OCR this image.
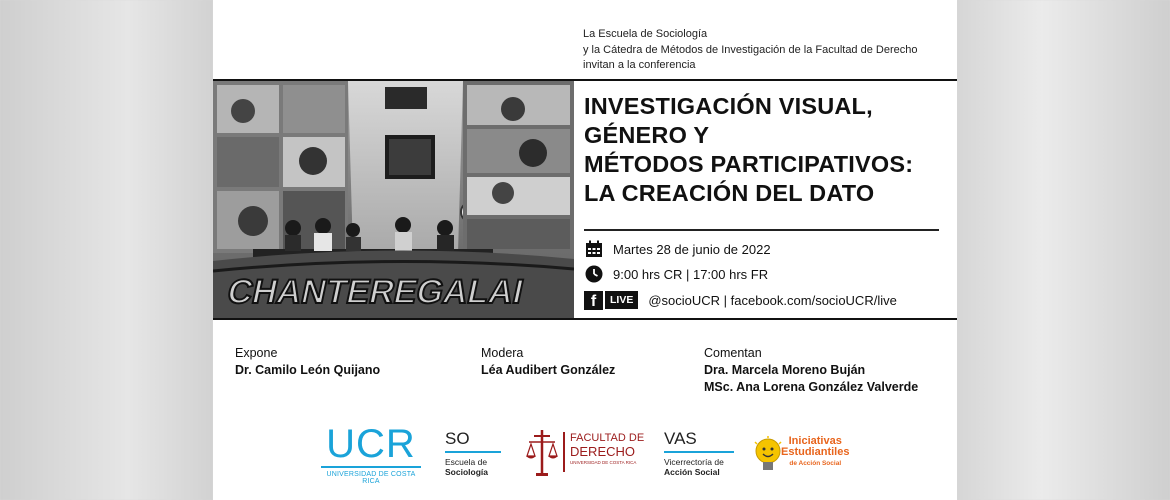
La Escuela de Sociología
y la Cátedra de Métodos de Investigación de la Facultad de Derecho
invitan a la conferencia
CHANTEREGALAI
INVESTIGACIÓN VISUAL,
GÉNERO Y
MÉTODOS PARTICIPATIVOS:
LA CREACIÓN DEL DATO
Martes 28 de junio de 2022
9:00 hrs CR | 17:00 hrs FR
f	LIVE	@socioUCR | facebook.com/socioUCR/live
Expone
Dr. Camilo León Quijano
Modera
Léa Audibert González
Comentan
Dra. Marcela Moreno Buján
MSc. Ana Lorena González Valverde
UCR
UNIVERSIDAD DE COSTA RICA
SO
Escuela de
Sociología
FACULTAD DE
DERECHO
UNIVERSIDAD DE COSTA RICA
VAS
Vicerrectoría de
Acción Social
Iniciativas
Estudiantiles
de Acción Social
